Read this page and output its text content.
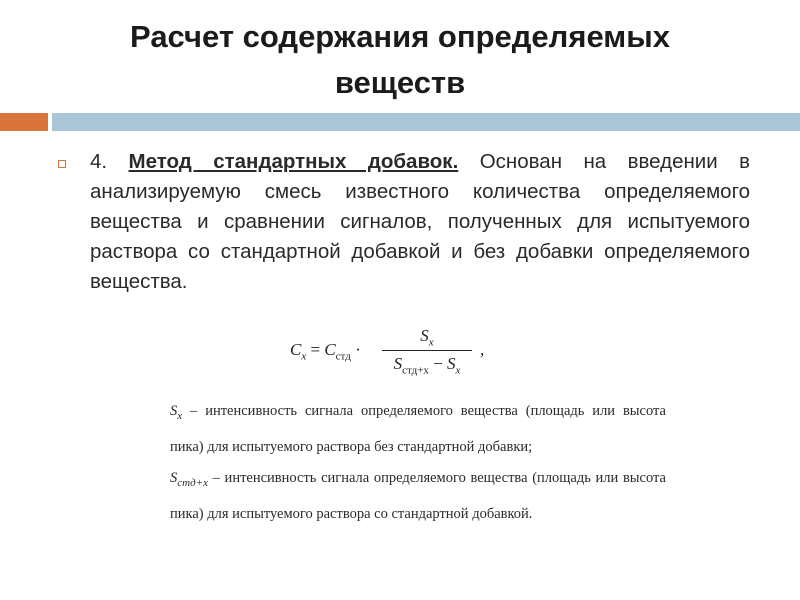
Расчет содержания определяемых
веществ
4. Метод стандартных добавок. Основан на введении в анализируемую смесь известного количества определяемого вещества и сравнении сигналов, полученных для испытуемого раствора со стандартной добавкой и без добавки определяемого вещества.
$C_x = C_{стд}$ ·
$S_x$
$S_{стд+x} - S_x$
,

$S_x$ – интенсивность сигнала определяемого вещества (площадь или высота пика) для испытуемого раствора без стандартной добавки;

$S_{стд+x}$ – интенсивность сигнала определяемого вещества (площадь или высота пика) для испытуемого раствора со стандартной добавкой.
